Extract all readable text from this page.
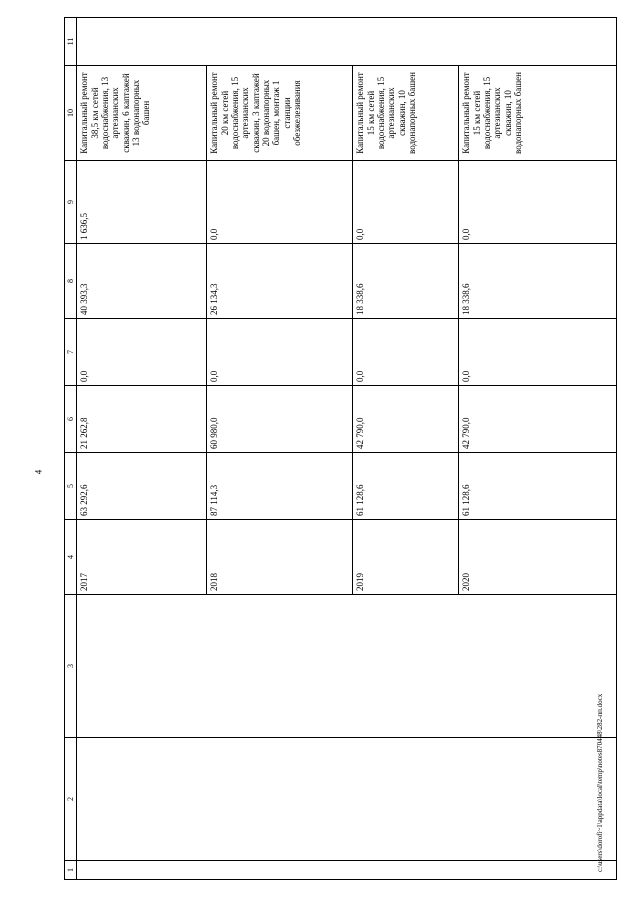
4
1	2	3	4	5	6	7	8	9	10	11
			2017	63 292,6	21 262,8	0,0	40 393,3	1 636,5	Капитальный ремонт 38,5 км сетей водоснабжения, 13 артезианских скважин, 6 каптажей 13 водонапорных башен	
			2018	87 114,3	60 980,0	0,0	26 134,3	0,0	Капитальный ремонт 20 км сетей водоснабжения, 15 артезианских скважин, 3 каптажей 20 водонапорных башен, монтаж 1 станции обезжелезивания	
			2019	61 128,6	42 790,0	0,0	18 338,6	0,0	Капитальный ремонт 15 км сетей водоснабжения, 15 артезианских скважин, 10 водонапорных башен	
			2020	61 128,6	42 790,0	0,0	18 338,6	0,0	Капитальный ремонт 15 км сетей водоснабжения, 15 артезианских скважин, 10 водонапорных башен	
c:\users\dorofi~1\appdata\local\temp\notes870448\282-пп.docx
